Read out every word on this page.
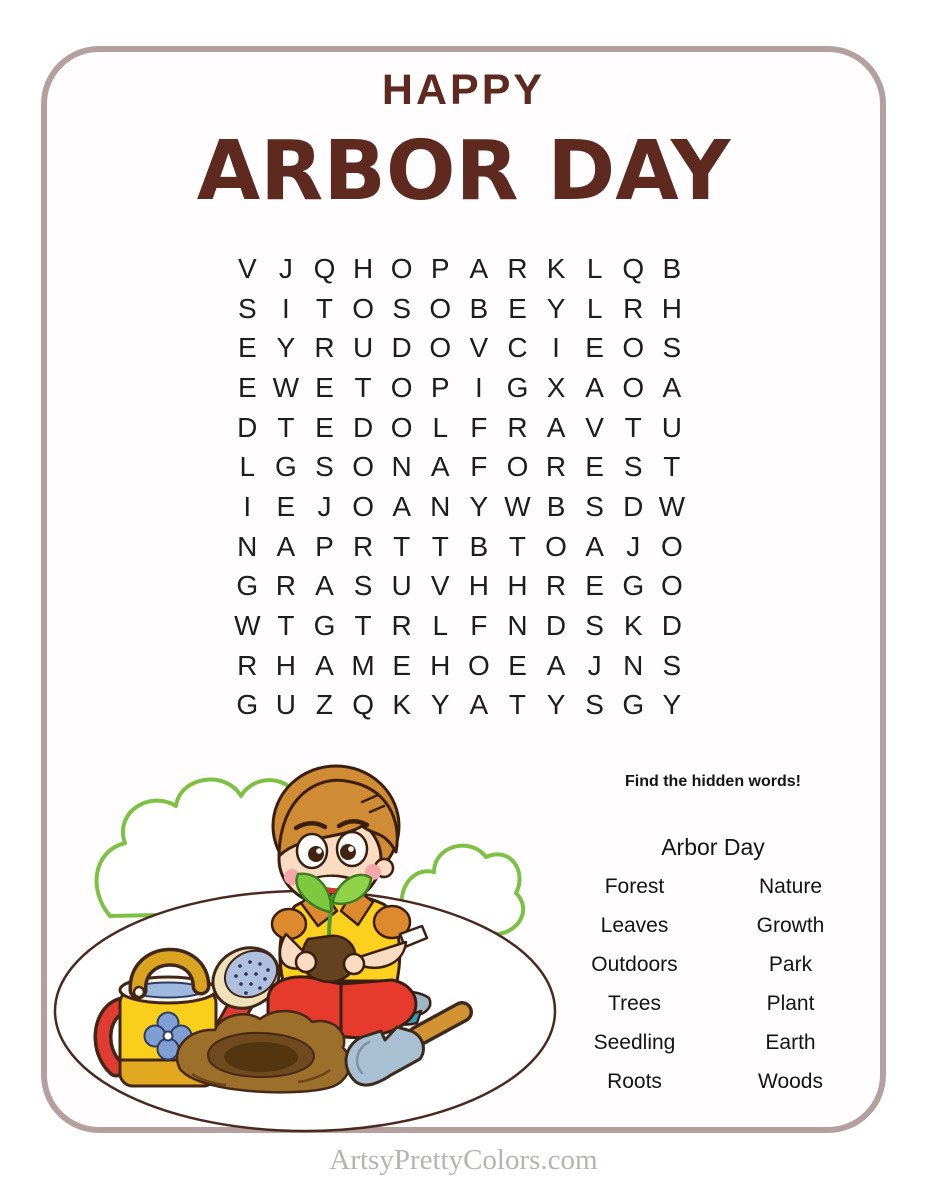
HAPPY
ARBOR DAY
V J Q H O P A R K L Q B
S I T O S O B E Y L R H
E Y R U D O V C I E O S
E W E T O P I G X A O A
D T E D O L F R A V T U
L G S O N A F O R E S T
I E J O A N Y W B S D W
N A P R T T B T O A J O
G R A S U V H H R E G O
W T G T R L F N D S K D
R H A M E H O E A J N S
G U Z Q K Y A T Y S G Y
Find the hidden words!
Arbor Day
Forest
Leaves
Outdoors
Trees
Seedling
Roots
Nature
Growth
Park
Plant
Earth
Woods
ArtsyPrettyColors.com
